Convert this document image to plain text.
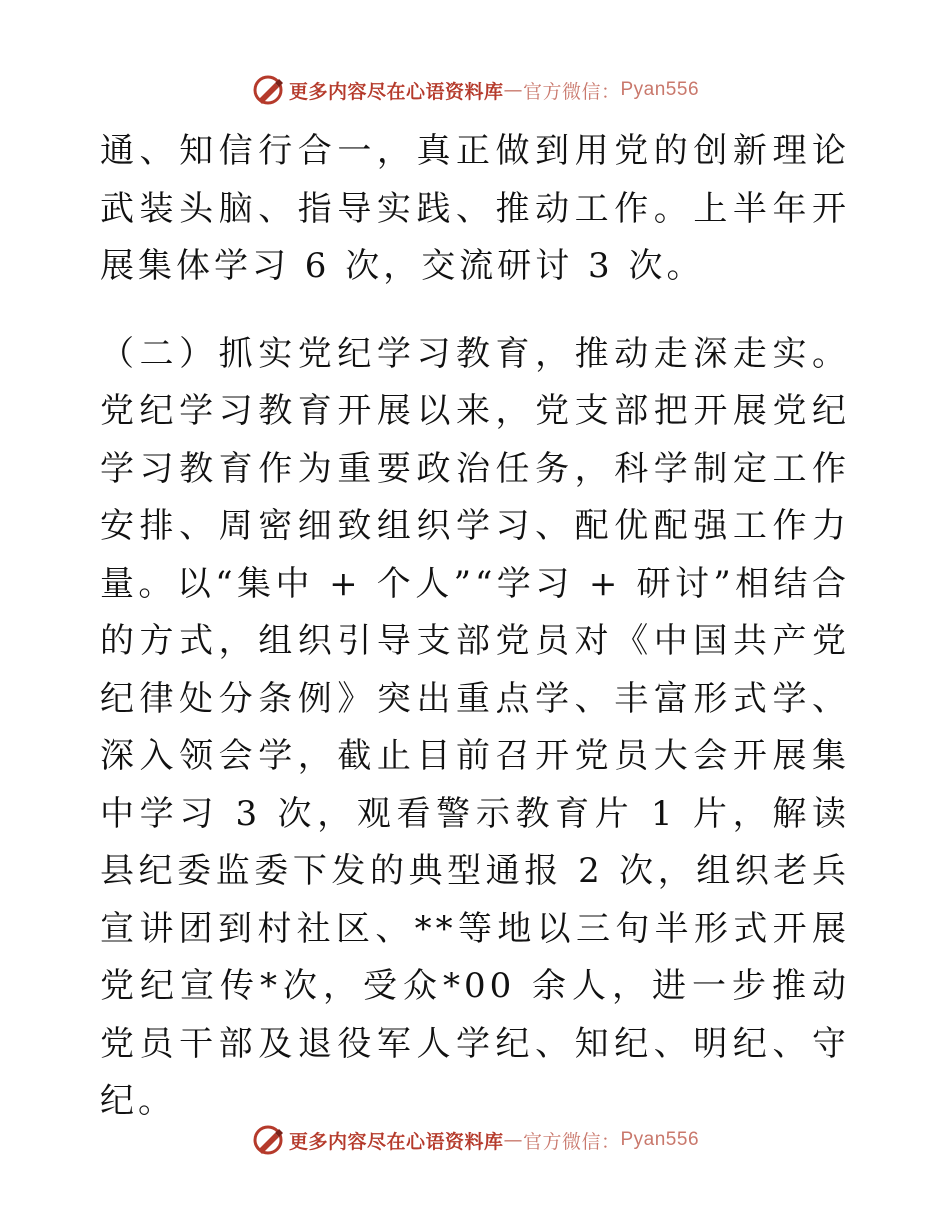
更多内容尽在心语资料库 — 官方微信： Pyan556

通、知信行合一，真正做到用党的创新理论武装头脑、指导实践、推动工作。上半年开展集体学习 6 次，交流研讨 3 次。

（二）抓实党纪学习教育，推动走深走实。党纪学习教育开展以来，党支部把开展党纪学习教育作为重要政治任务，科学制定工作安排、周密细致组织学习、配优配强工作力量。以“集中 + 个人”“学习 + 研讨”相结合的方式，组织引导支部党员对《中国共产党纪律处分条例》突出重点学、丰富形式学、深入领会学，截止目前召开党员大会开展集中学习 3 次，观看警示教育片 1 片，解读县纪委监委下发的典型通报 2 次，组织老兵宣讲团到村社区、**等地以三句半形式开展党纪宣传*次，受众*00 余人，进一步推动党员干部及退役军人学纪、知纪、明纪、守纪。

更多内容尽在心语资料库 — 官方微信： Pyan556
